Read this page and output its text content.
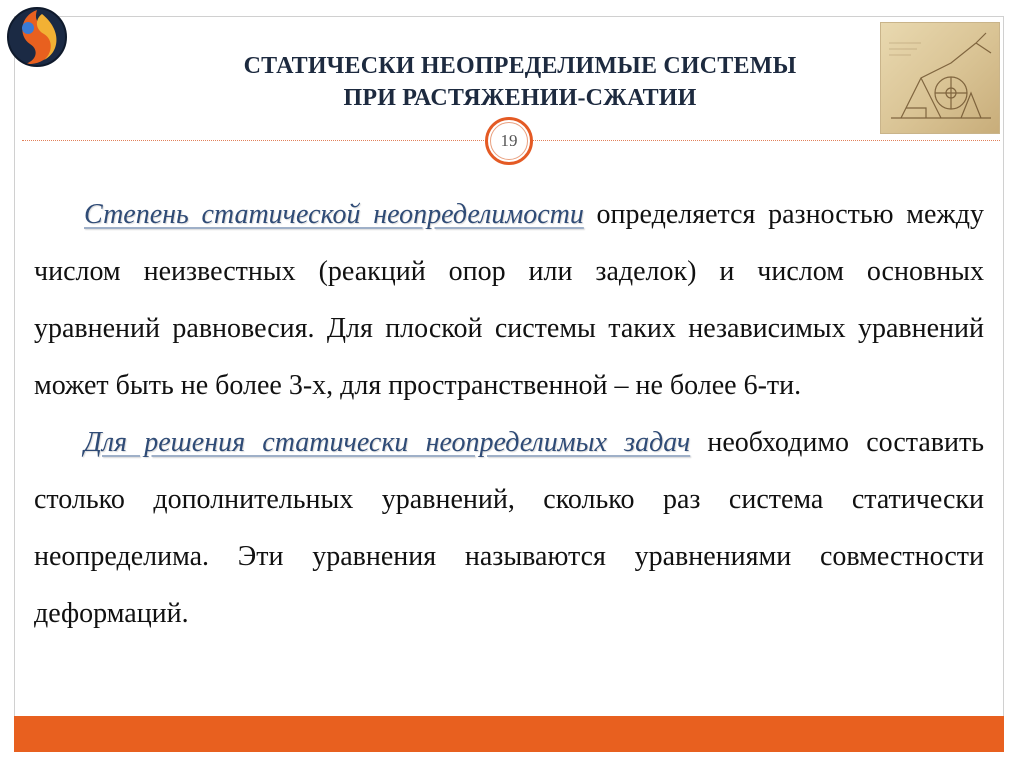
СТАТИЧЕСКИ НЕОПРЕДЕЛИМЫЕ СИСТЕМЫ
ПРИ РАСТЯЖЕНИИ-СЖАТИИ
19

Степень статической неопределимости определяется разностью между числом неизвестных (реакций опор или заделок) и числом основных уравнений равновесия. Для плоской системы таких независимых уравнений может быть не более 3-х, для пространственной – не более 6-ти.

Для решения статически неопределимых задач необходимо составить столько дополнительных уравнений, сколько раз система статически неопределима. Эти уравнения называются уравнениями совместности деформаций.
